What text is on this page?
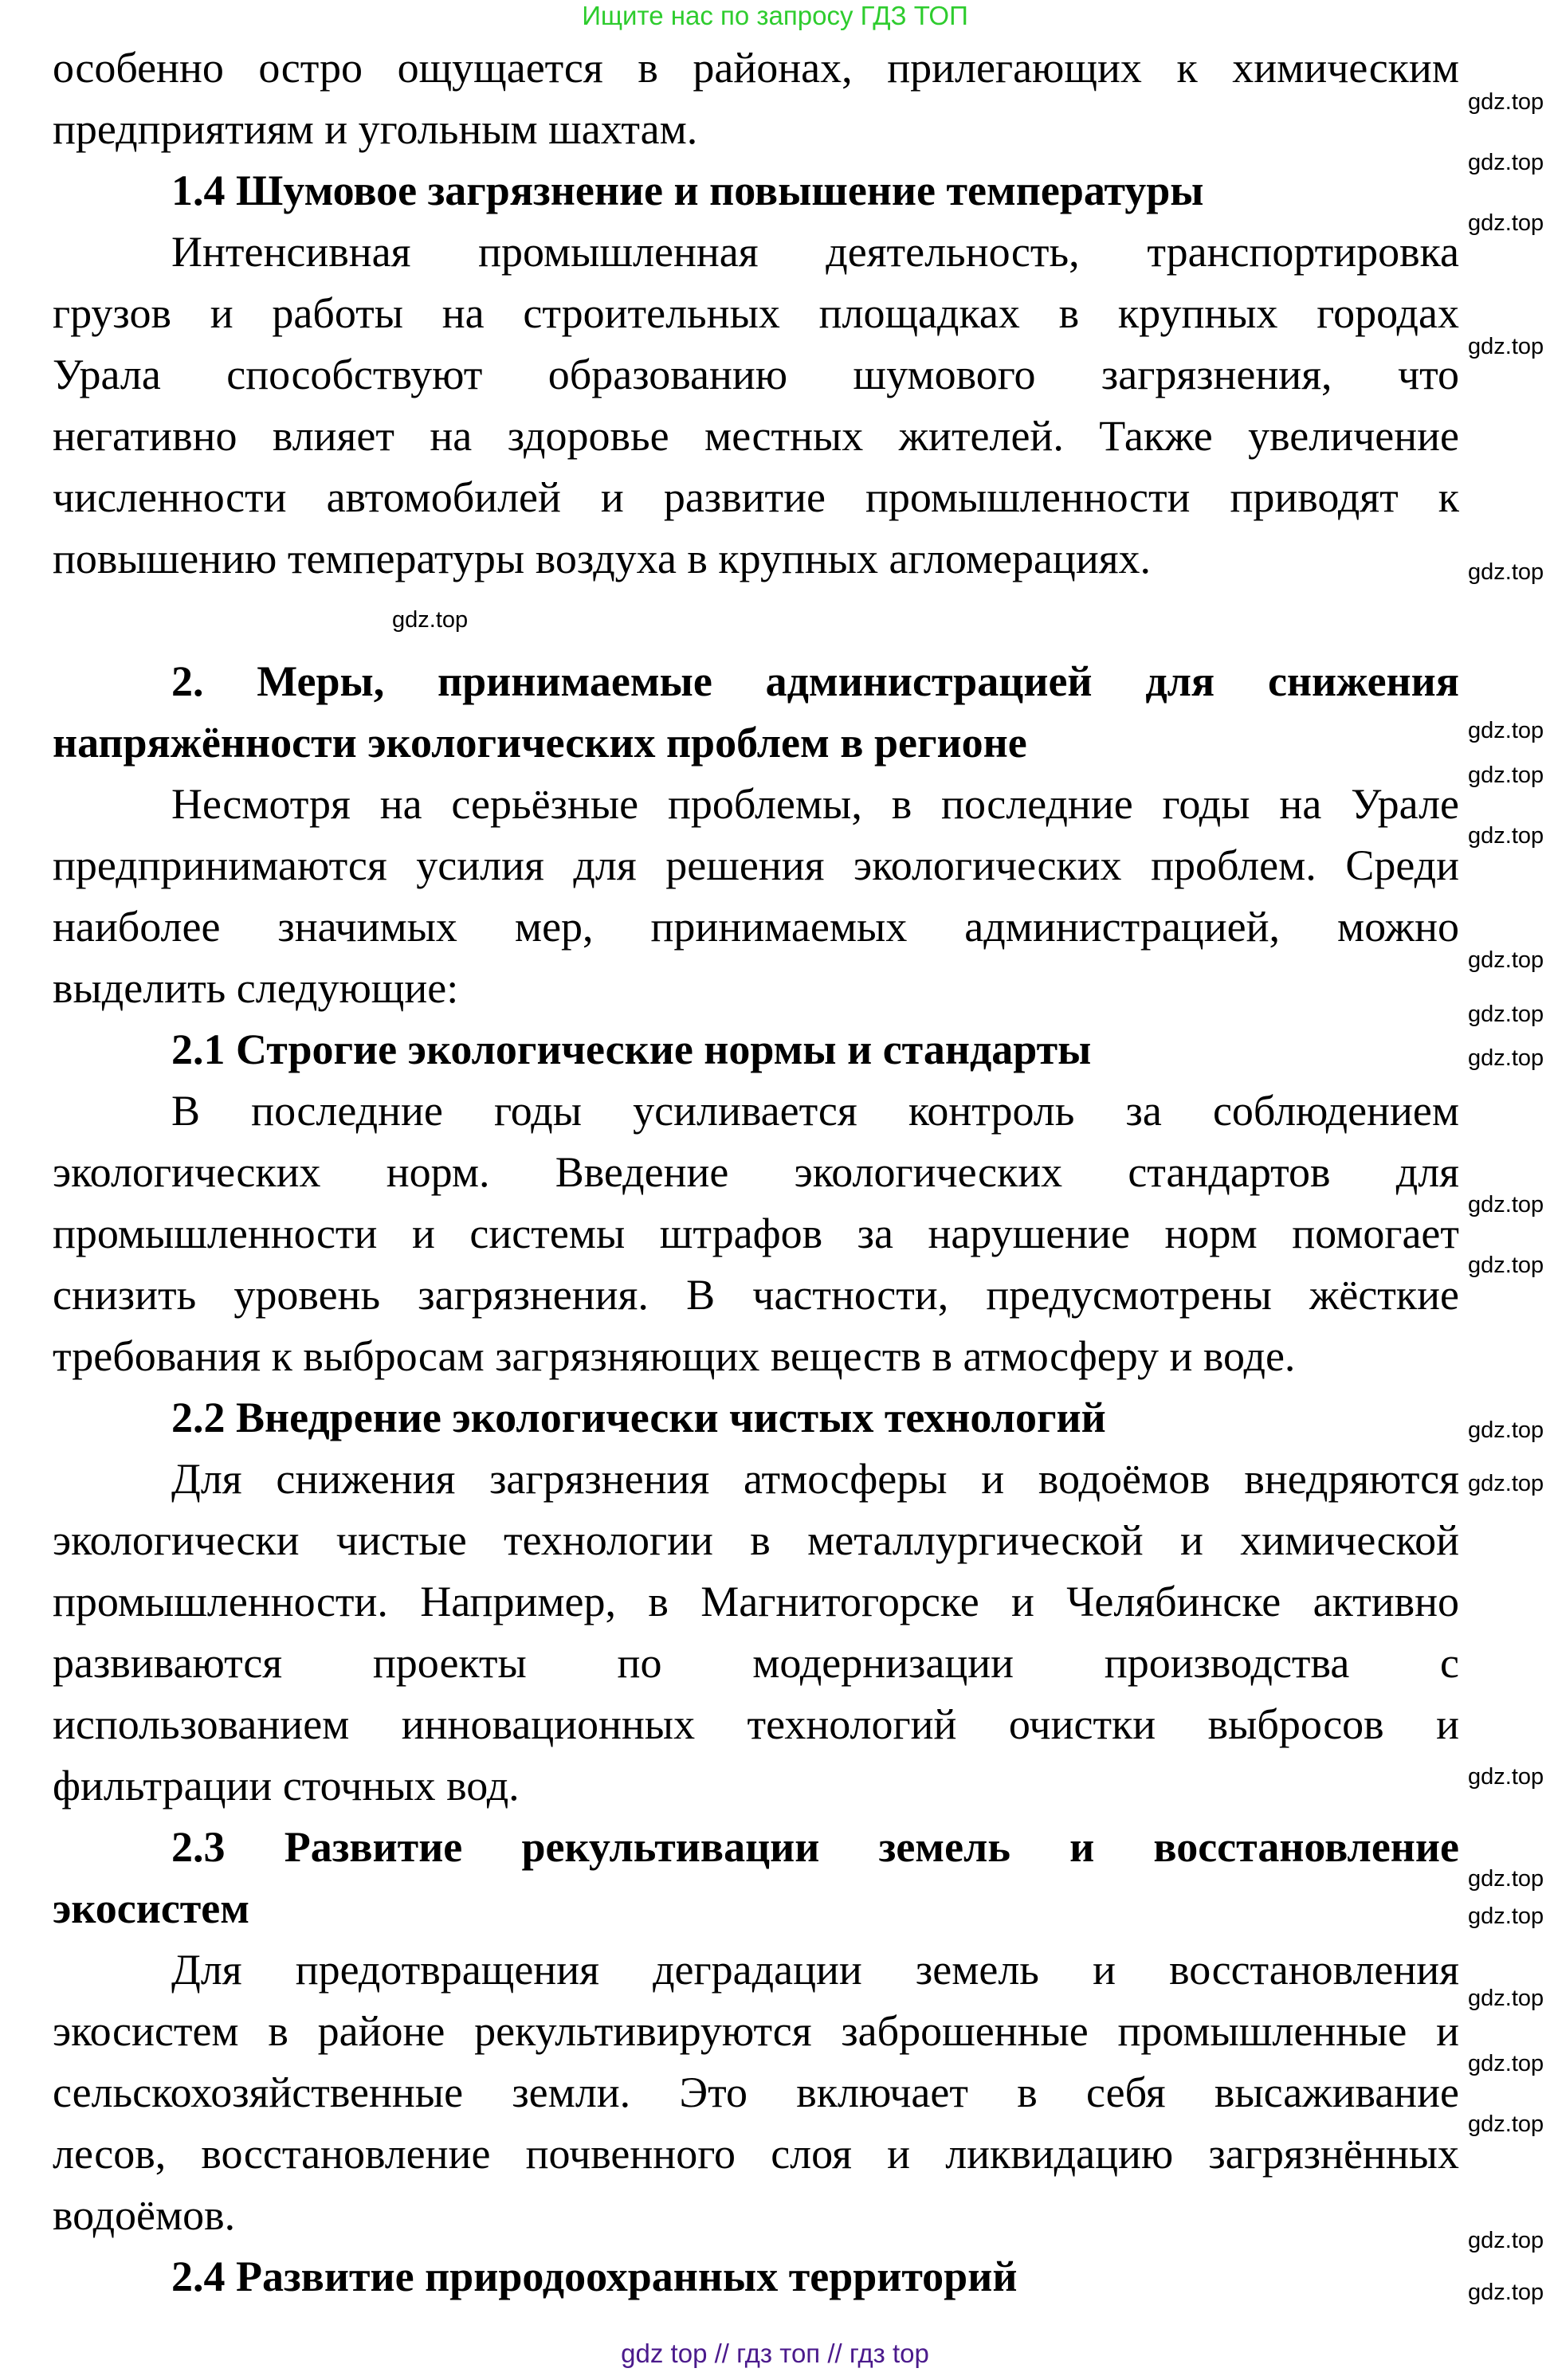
Ищите нас по запросу ГДЗ ТОП
особенно остро ощущается в районах, прилегающих к химическим
предприятиям и угольным шахтам.
1.4 Шумовое загрязнение и повышение температуры
Интенсивная промышленная деятельность, транспортировка
грузов и работы на строительных площадках в крупных городах
Урала способствуют образованию шумового загрязнения, что
негативно влияет на здоровье местных жителей. Также увеличение
численности автомобилей и развитие промышленности приводят к
повышению температуры воздуха в крупных агломерациях.
2. Меры, принимаемые администрацией для снижения
напряжённости экологических проблем в регионе
Несмотря на серьёзные проблемы, в последние годы на Урале
предпринимаются усилия для решения экологических проблем. Среди
наиболее значимых мер, принимаемых администрацией, можно
выделить следующие:
2.1 Строгие экологические нормы и стандарты
В последние годы усиливается контроль за соблюдением
экологических норм. Введение экологических стандартов для
промышленности и системы штрафов за нарушение норм помогает
снизить уровень загрязнения. В частности, предусмотрены жёсткие
требования к выбросам загрязняющих веществ в атмосферу и воде.
2.2 Внедрение экологически чистых технологий
Для снижения загрязнения атмосферы и водоёмов внедряются
экологически чистые технологии в металлургической и химической
промышленности. Например, в Магнитогорске и Челябинске активно
развиваются проекты по модернизации производства с
использованием инновационных технологий очистки выбросов и
фильтрации сточных вод.
2.3 Развитие рекультивации земель и восстановление
экосистем
Для предотвращения деградации земель и восстановления
экосистем в районе рекультивируются заброшенные промышленные и
сельскохозяйственные земли. Это включает в себя высаживание
лесов, восстановление почвенного слоя и ликвидацию загрязнённых
водоёмов.
2.4 Развитие природоохранных территорий
gdz.top
gdz.top
gdz.top
gdz.top
gdz.top
gdz.top
gdz.top
gdz.top
gdz.top
gdz.top
gdz.top
gdz.top
gdz.top
gdz.top
gdz.top
gdz.top
gdz.top
gdz.top
gdz.top
gdz.top
gdz.top
gdz.top
gdz.top
gdz.top
gdz top // гдз топ // гдз top
